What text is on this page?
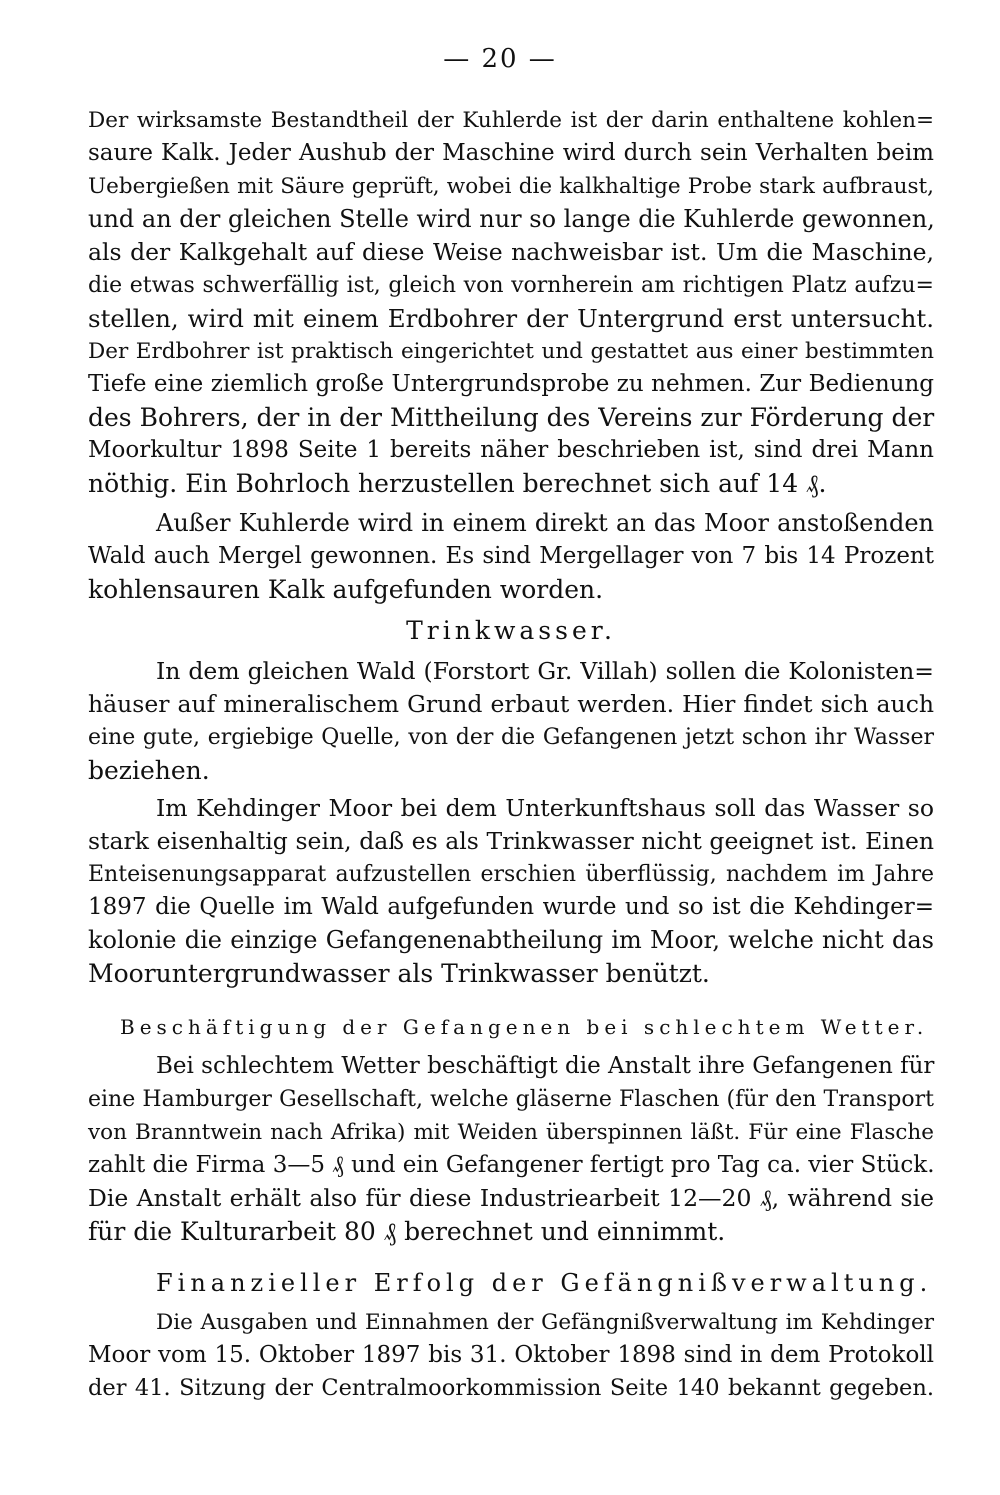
— 20 —
Der wirksamste Bestandtheil der Kuhlerde ist der darin enthaltene kohlen=
saure Kalk. Jeder Aushub der Maschine wird durch sein Verhalten beim
Uebergießen mit Säure geprüft, wobei die kalkhaltige Probe stark aufbraust,
und an der gleichen Stelle wird nur so lange die Kuhlerde gewonnen,
als der Kalkgehalt auf diese Weise nachweisbar ist. Um die Maschine,
die etwas schwerfällig ist, gleich von vornherein am richtigen Platz aufzu=
stellen, wird mit einem Erdbohrer der Untergrund erst untersucht.
Der Erdbohrer ist praktisch eingerichtet und gestattet aus einer bestimmten
Tiefe eine ziemlich große Untergrundsprobe zu nehmen. Zur Bedienung
des Bohrers, der in der Mittheilung des Vereins zur Förderung der
Moorkultur 1898 Seite 1 bereits näher beschrieben ist, sind drei Mann
nöthig. Ein Bohrloch herzustellen berechnet sich auf 14 ₰.
Außer Kuhlerde wird in einem direkt an das Moor anstoßenden
Wald auch Mergel gewonnen. Es sind Mergellager von 7 bis 14 Prozent
kohlensauren Kalk aufgefunden worden.
Trinkwasser.
In dem gleichen Wald (Forstort Gr. Villah) sollen die Kolonisten=
häuser auf mineralischem Grund erbaut werden. Hier findet sich auch
eine gute, ergiebige Quelle, von der die Gefangenen jetzt schon ihr Wasser
beziehen.
Im Kehdinger Moor bei dem Unterkunftshaus soll das Wasser so
stark eisenhaltig sein, daß es als Trinkwasser nicht geeignet ist. Einen
Enteisenungsapparat aufzustellen erschien überflüssig, nachdem im Jahre
1897 die Quelle im Wald aufgefunden wurde und so ist die Kehdinger=
kolonie die einzige Gefangenenabtheilung im Moor, welche nicht das
Mooruntergrundwasser als Trinkwasser benützt.
Beschäftigung der Gefangenen bei schlechtem Wetter.
Bei schlechtem Wetter beschäftigt die Anstalt ihre Gefangenen für
eine Hamburger Gesellschaft, welche gläserne Flaschen (für den Transport
von Branntwein nach Afrika) mit Weiden überspinnen läßt. Für eine Flasche
zahlt die Firma 3—5 ₰ und ein Gefangener fertigt pro Tag ca. vier Stück.
Die Anstalt erhält also für diese Industriearbeit 12—20 ₰, während sie
für die Kulturarbeit 80 ₰ berechnet und einnimmt.
Finanzieller Erfolg der Gefängnißverwaltung.
Die Ausgaben und Einnahmen der Gefängnißverwaltung im Kehdinger
Moor vom 15. Oktober 1897 bis 31. Oktober 1898 sind in dem Protokoll
der 41. Sitzung der Centralmoorkommission Seite 140 bekannt gegeben.
